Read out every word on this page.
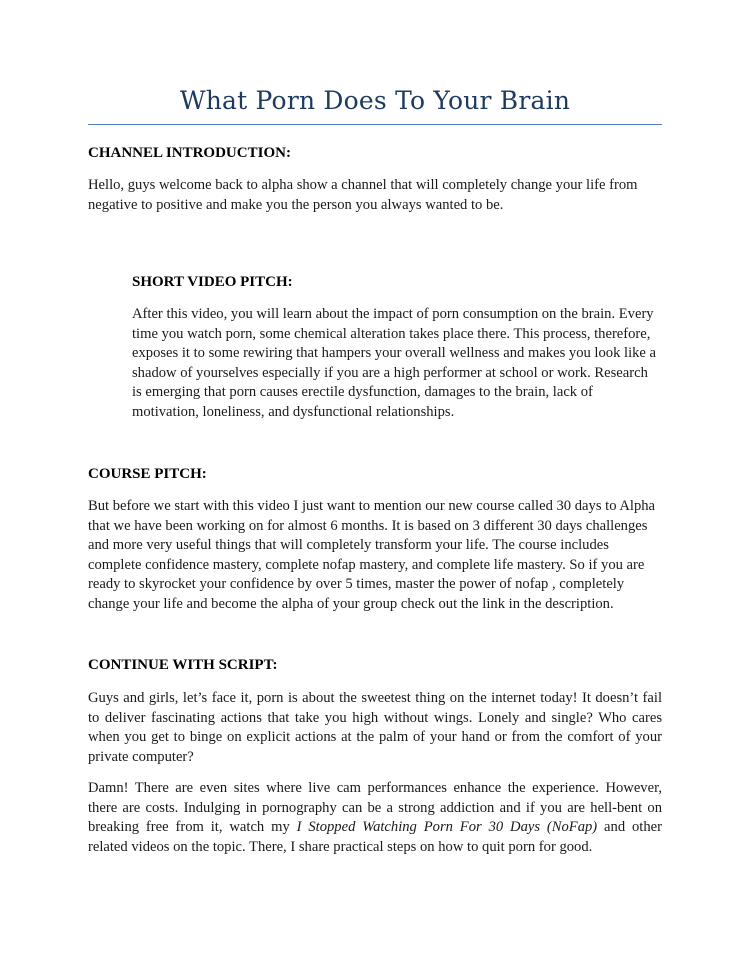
What Porn Does To Your Brain
CHANNEL INTRODUCTION:
Hello, guys welcome back to alpha show a channel that will completely change your life from
negative to positive and make you the person you always wanted to be.
SHORT VIDEO PITCH:
After this video, you will learn about the impact of porn consumption on the brain. Every
time you watch porn, some chemical alteration takes place there. This process, therefore,
exposes it to some rewiring that hampers your overall wellness and makes you look like a
shadow of yourselves especially if you are a high performer at school or work. Research
is emerging that porn causes erectile dysfunction, damages to the brain, lack of
motivation, loneliness, and dysfunctional relationships.
COURSE PITCH:
But before we start with this video I just want to mention our new course called 30 days to Alpha
that we have been working on for almost 6 months. It is based on 3 different 30 days challenges
and more very useful things that will completely transform your life. The course includes
complete confidence mastery, complete nofap mastery, and complete life mastery. So if you are
ready to skyrocket your confidence by over 5 times, master the power of nofap , completely
change your life and become the alpha of your group check out the link in the description.
CONTINUE WITH SCRIPT:
Guys and girls, let’s face it, porn is about the sweetest thing on the internet today! It doesn’t fail
to deliver fascinating actions that take you high without wings. Lonely and single? Who cares
when you get to binge on explicit actions at the palm of your hand or from the comfort of your
private computer?
Damn! There are even sites where live cam performances enhance the experience. However,
there are costs. Indulging in pornography can be a strong addiction and if you are hell-bent on
breaking free from it, watch my I Stopped Watching Porn For 30 Days (NoFap) and other
related videos on the topic. There, I share practical steps on how to quit porn for good.
